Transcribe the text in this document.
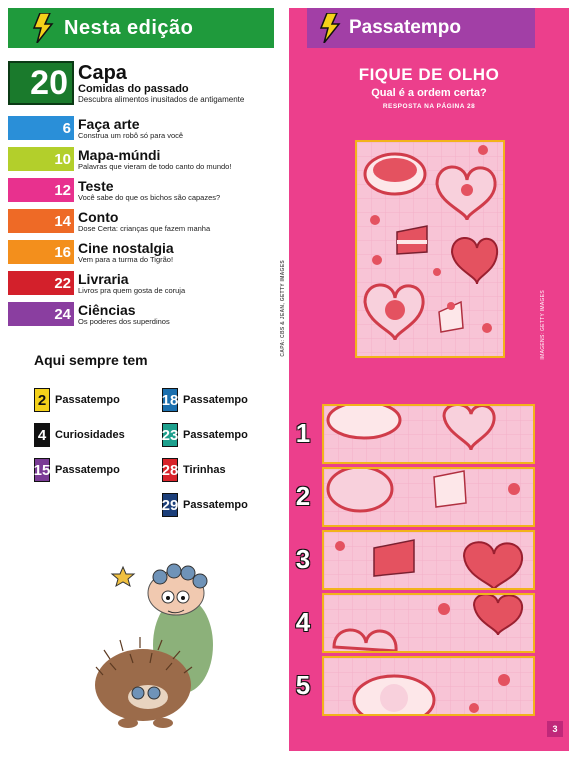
Nesta edição
20 Capa
Comidas do passado
Descubra alimentos inusitados de antigamente
6 Faça arte
Construa um robô só para você
10 Mapa-múndi
Palavras que vieram de todo canto do mundo!
12 Teste
Você sabe do que os bichos são capazes?
14 Conto
Dose Certa: crianças que fazem manha
16 Cine nostalgia
Vem para a turma do Tigrão!
22 Livraria
Livros pra quem gosta de coruja
24 Ciências
Os poderes dos superdinos
Aqui sempre tem
2 Passatempo
4 Curiosidades
15 Passatempo
18 Passatempo
23 Passatempo
28 Tirinhas
29 Passatempo
CAPA: CBS & JEAN, GETTY IMAGES
Passatempo
FIQUE DE OLHO
Qual é a ordem certa?
RESPOSTA NA PÁGINA 28
IMAGENS: GETTY IMAGES
1
2
3
4
5
3
